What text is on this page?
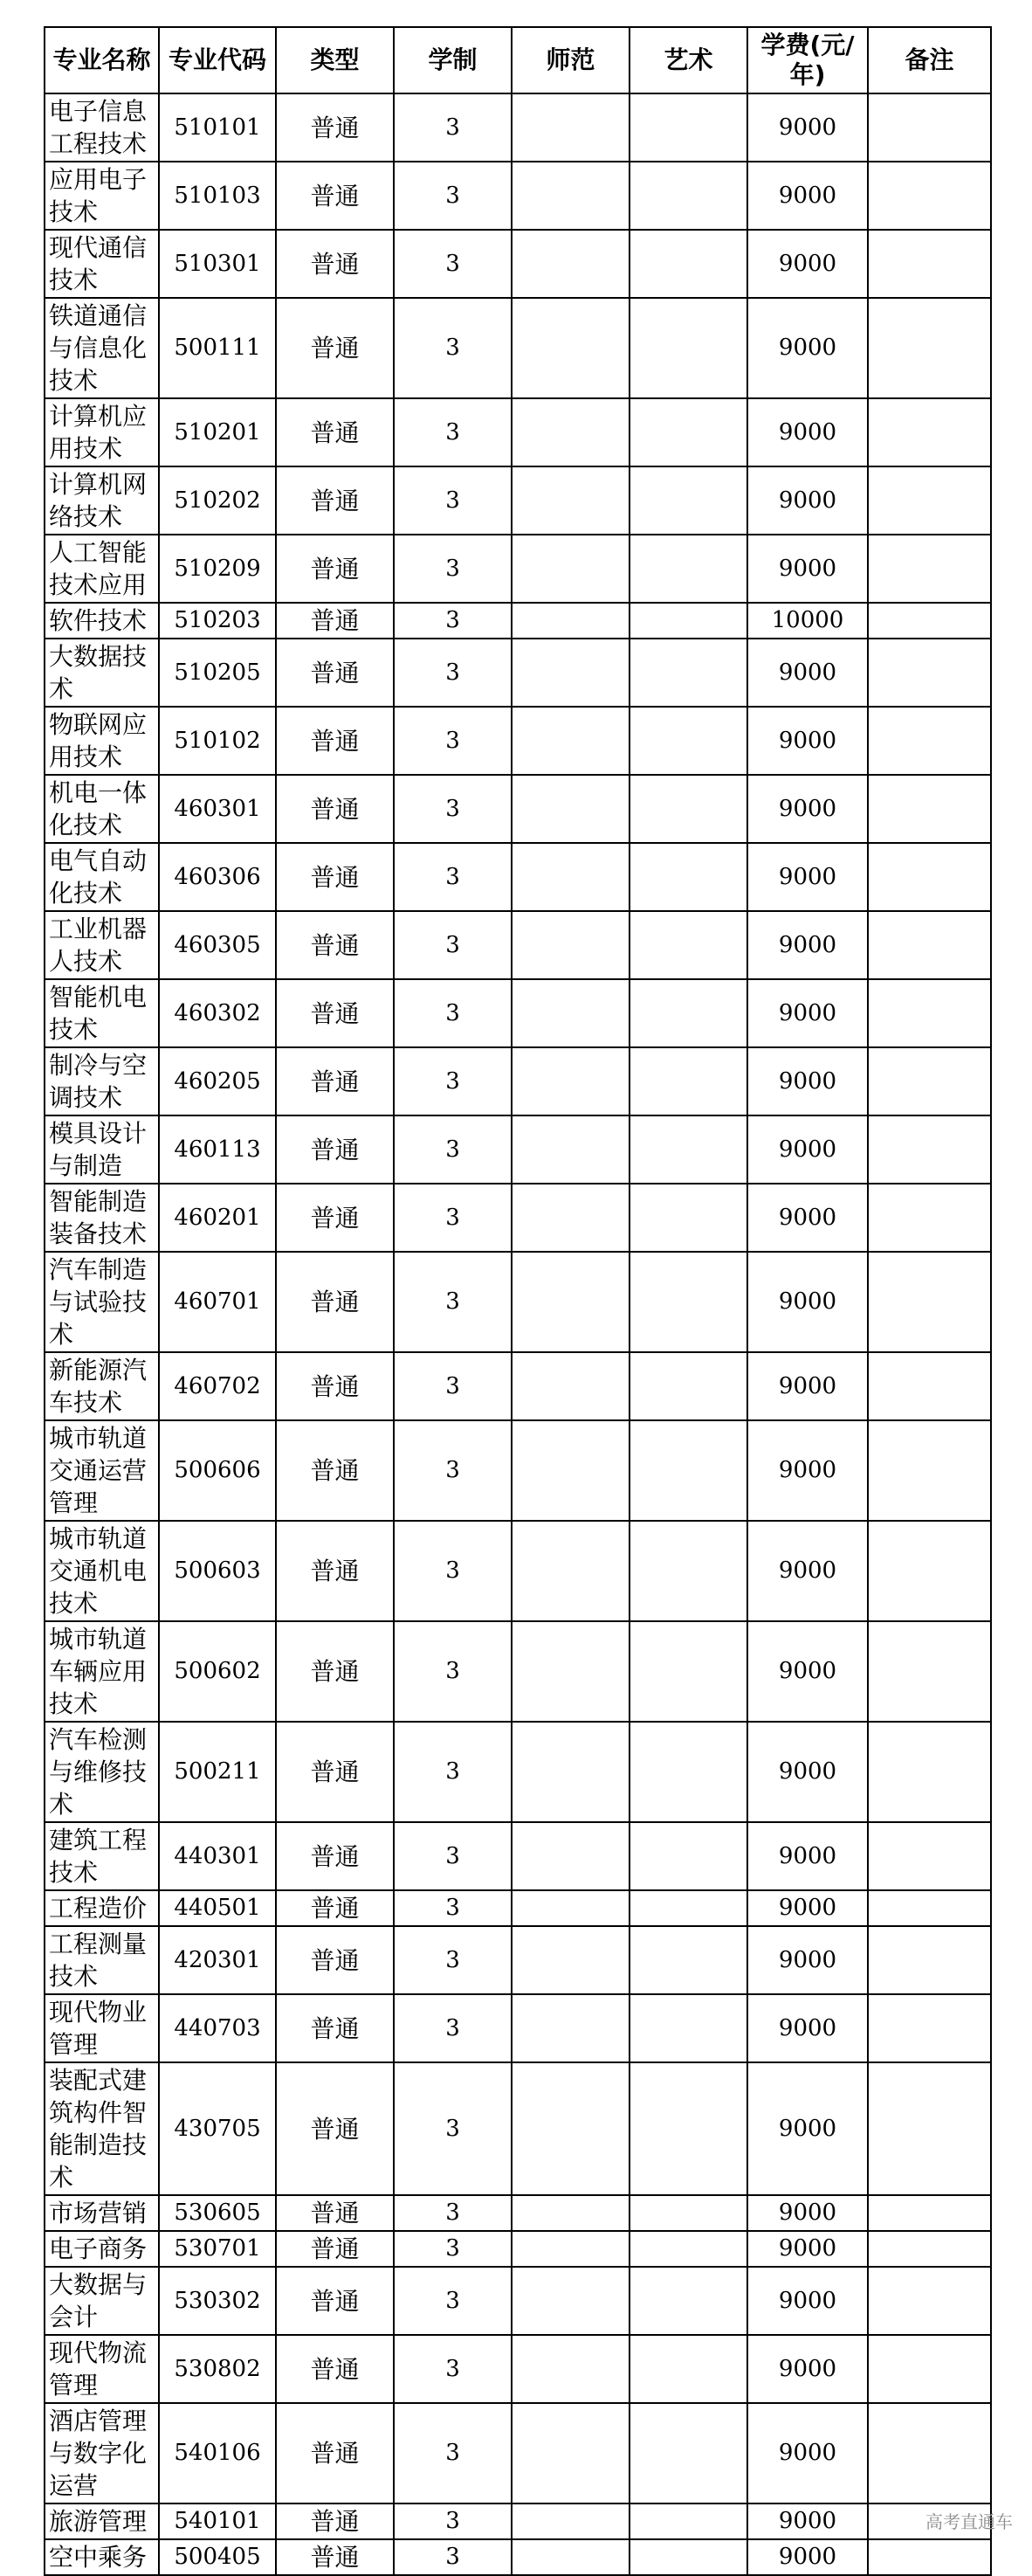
专业名称	专业代码	类型	学制	师范	艺术	学费(元/年)	备注
电子信息工程技术	510101	普通	3			9000	
应用电子技术	510103	普通	3			9000	
现代通信技术	510301	普通	3			9000	
铁道通信与信息化技术	500111	普通	3			9000	
计算机应用技术	510201	普通	3			9000	
计算机网络技术	510202	普通	3			9000	
人工智能技术应用	510209	普通	3			9000	
软件技术	510203	普通	3			10000	
大数据技术	510205	普通	3			9000	
物联网应用技术	510102	普通	3			9000	
机电一体化技术	460301	普通	3			9000	
电气自动化技术	460306	普通	3			9000	
工业机器人技术	460305	普通	3			9000	
智能机电技术	460302	普通	3			9000	
制冷与空调技术	460205	普通	3			9000	
模具设计与制造	460113	普通	3			9000	
智能制造装备技术	460201	普通	3			9000	
汽车制造与试验技术	460701	普通	3			9000	
新能源汽车技术	460702	普通	3			9000	
城市轨道交通运营管理	500606	普通	3			9000	
城市轨道交通机电技术	500603	普通	3			9000	
城市轨道车辆应用技术	500602	普通	3			9000	
汽车检测与维修技术	500211	普通	3			9000	
建筑工程技术	440301	普通	3			9000	
工程造价	440501	普通	3			9000	
工程测量技术	420301	普通	3			9000	
现代物业管理	440703	普通	3			9000	
装配式建筑构件智能制造技术	430705	普通	3			9000	
市场营销	530605	普通	3			9000	
电子商务	530701	普通	3			9000	
大数据与会计	530302	普通	3			9000	
现代物流管理	530802	普通	3			9000	
酒店管理与数字化运营	540106	普通	3			9000	
旅游管理	540101	普通	3			9000	
空中乘务	500405	普通	3			9000	
高考直通车
